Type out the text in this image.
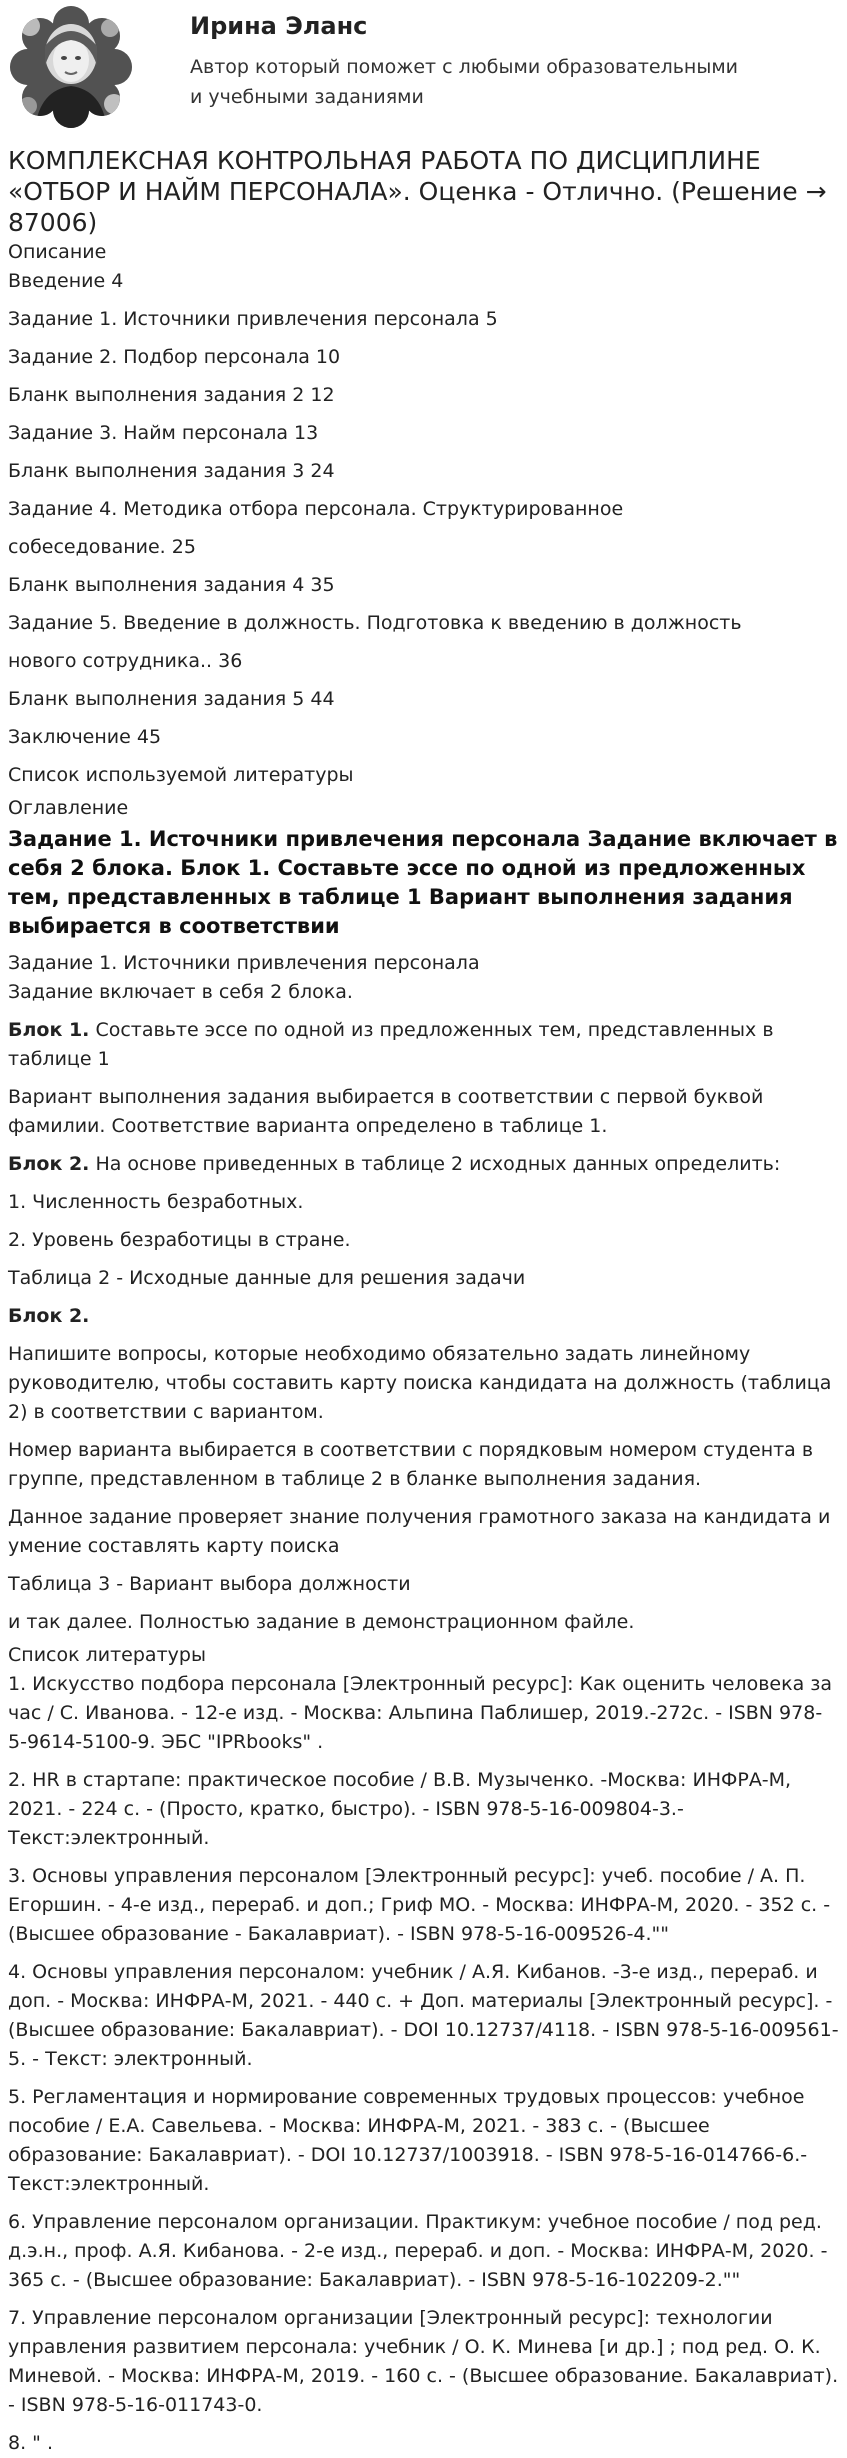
Ирина Эланс

Автор который поможет с любыми образовательными и учебными заданиями
КОМПЛЕКСНАЯ КОНТРОЛЬНАЯ РАБОТА ПО ДИСЦИПЛИНЕ «ОТБОР И НАЙМ ПЕРСОНАЛА». Оценка - Отлично. (Решение → 87006)

Описание

Введение 4

Задание 1. Источники привлечения персонала 5

Задание 2. Подбор персонала 10

Бланк выполнения задания 2 12

Задание 3. Найм персонала 13

Бланк выполнения задания 3 24

Задание 4. Методика отбора персонала. Структурированное

собеседование. 25

Бланк выполнения задания 4 35

Задание 5. Введение в должность. Подготовка к введению в должность

нового сотрудника.. 36

Бланк выполнения задания 5 44

Заключение 45

Список используемой литературы

Оглавление

Задание 1. Источники привлечения персонала Задание включает в себя 2 блока. Блок 1. Составьте эссе по одной из предложенных тем, представленных в таблице 1 Вариант выполнения задания выбирается в соответствии

Задание 1. Источники привлечения персонала

Задание включает в себя 2 блока.

Блок 1. Составьте эссе по одной из предложенных тем, представленных в таблице 1

Вариант выполнения задания выбирается в соответствии с первой буквой фамилии. Соответствие варианта определено в таблице 1.

Блок 2. На основе приведенных в таблице 2 исходных данных определить:

1. Численность безработных.

2. Уровень безработицы в стране.

Таблица 2 - Исходные данные для решения задачи

Блок 2.

Напишите вопросы, которые необходимо обязательно задать линейному руководителю, чтобы составить карту поиска кандидата на должность (таблица 2) в соответствии с вариантом.

Номер варианта выбирается в соответствии с порядковым номером студента в группе, представленном в таблице 2 в бланке выполнения задания.

Данное задание проверяет знание получения грамотного заказа на кандидата и умение составлять карту поиска

Таблица 3 - Вариант выбора должности

и так далее. Полностью задание в демонстрационном файле.

Список литературы

1. Искусство подбора персонала [Электронный ресурс]: Как оценить человека за час / С. Иванова. - 12-е изд. - Москва: Альпина Паблишер, 2019.-272с. - ISBN 978-5-9614-5100-9. ЭБС "IPRbooks" .

2. HR в стартапе: практическое пособие / В.В. Музыченко. -Москва: ИНФРА-М, 2021. - 224 с. - (Просто, кратко, быстро). - ISBN 978-5-16-009804-3.- Текст:электронный.

3. Основы управления персоналом [Электронный ресурс]: учеб. пособие / А. П. Егоршин. - 4-е изд., перераб. и доп.; Гриф МО. - Москва: ИНФРА-М, 2020. - 352 с. - (Высшее образование - Бакалавриат). - ISBN 978-5-16-009526-4.""

4. Основы управления персоналом: учебник / А.Я. Кибанов. -3-е изд., перераб. и доп. - Москва: ИНФРА-М, 2021. - 440 с. + Доп. материалы [Электронный ресурс]. - (Высшее образование: Бакалавриат). - DOI 10.12737/4118. - ISBN 978-5-16-009561-5. - Текст: электронный.

5. Регламентация и нормирование современных трудовых процессов: учебное пособие / Е.А. Савельева. - Москва: ИНФРА-М, 2021. - 383 с. - (Высшее образование: Бакалавриат). - DOI 10.12737/1003918. - ISBN 978-5-16-014766-6.- Текст:электронный.

6. Управление персоналом организации. Практикум: учебное пособие / под ред. д.э.н., проф. А.Я. Кибанова. - 2-е изд., перераб. и доп. - Москва: ИНФРА-М, 2020. - 365 с. - (Высшее образование: Бакалавриат). - ISBN 978-5-16-102209-2.""

7. Управление персоналом организации [Электронный ресурс]: технологии управления развитием персонала: учебник / О. К. Минева [и др.] ; под ред. О. К. Миневой. - Москва: ИНФРА-М, 2019. - 160 с. - (Высшее образование. Бакалавриат). - ISBN 978-5-16-011743-0.

8. " .
